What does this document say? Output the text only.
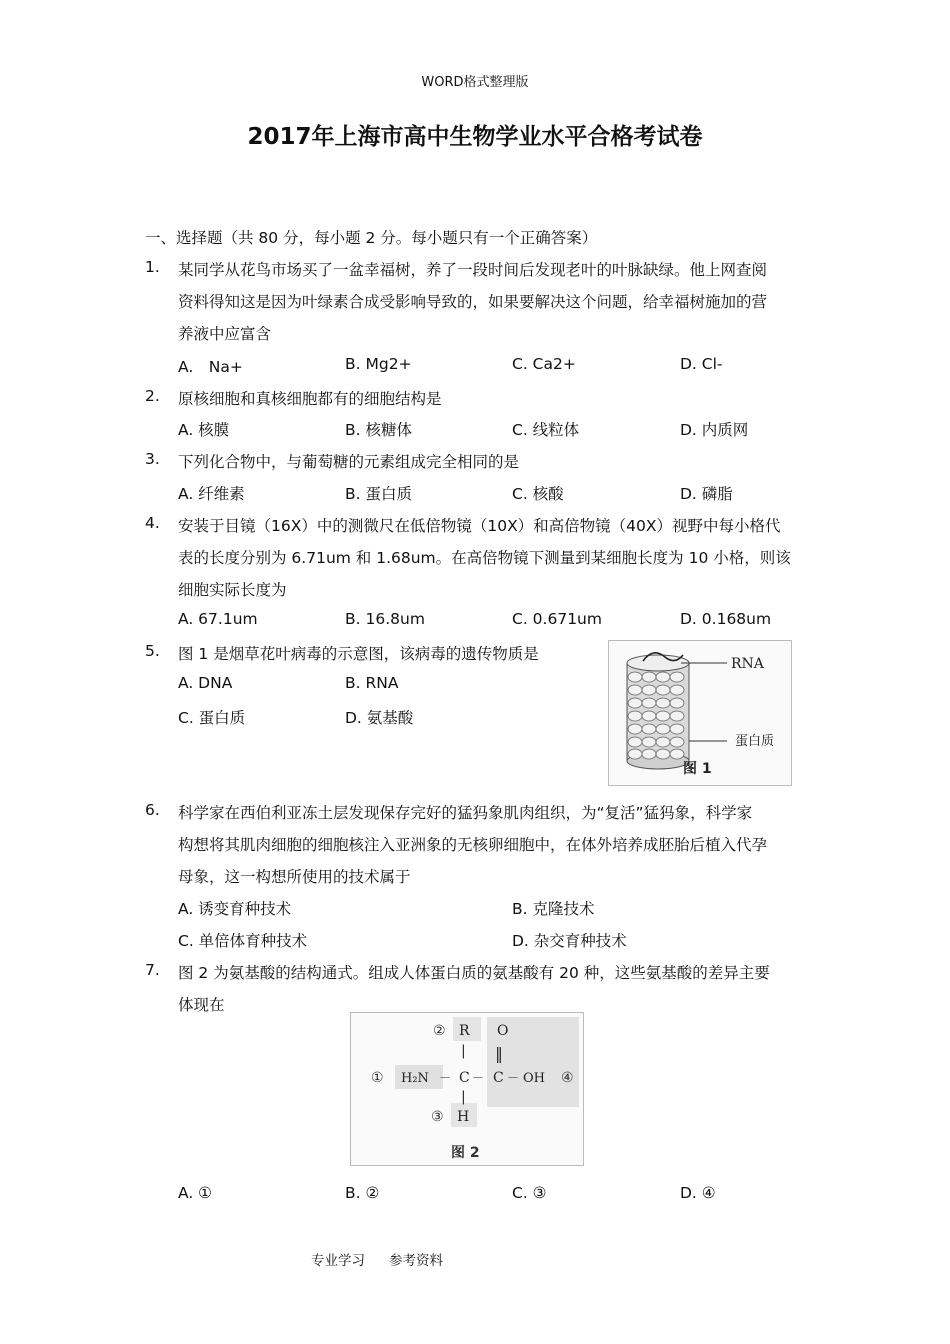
WORD格式整理版
2017年上海市高中生物学业水平合格考试卷
一、选择题（共 80 分，每小题 2 分。每小题只有一个正确答案）
1. 某同学从花鸟市场买了一盆幸福树，养了一段时间后发现老叶的叶脉缺绿。他上网查阅
资料得知这是因为叶绿素合成受影响导致的，如果要解决这个问题，给幸福树施加的营
养液中应富含
A.　Na+	B. Mg2+	C. Ca2+	D. Cl-
2. 原核细胞和真核细胞都有的细胞结构是
A. 核膜	B. 核糖体	C. 线粒体	D. 内质网
3. 下列化合物中，与葡萄糖的元素组成完全相同的是
A. 纤维素	B. 蛋白质	C. 核酸	D. 磷脂
4. 安装于目镜（16X）中的测微尺在低倍物镜（10X）和高倍物镜（40X）视野中每小格代
表的长度分别为 6.71um 和 1.68um。在高倍物镜下测量到某细胞长度为 10 小格，则该
细胞实际长度为
A. 67.1um	B. 16.8um	C. 0.671um	D. 0.168um
5. 图 1 是烟草花叶病毒的示意图，该病毒的遗传物质是
A. DNA	B. RNA
C. 蛋白质	D. 氨基酸
RNA
蛋白质
图 1
6. 科学家在西伯利亚冻土层发现保存完好的猛犸象肌肉组织，为“复活”猛犸象，科学家
构想将其肌肉细胞的细胞核注入亚洲象的无核卵细胞中，在体外培养成胚胎后植入代孕
母象，这一构想所使用的技术属于
A. 诱变育种技术	B. 克隆技术
C. 单倍体育种技术	D. 杂交育种技术
7. 图 2 为氨基酸的结构通式。组成人体蛋白质的氨基酸有 20 种，这些氨基酸的差异主要
体现在
② R O
| ‖
① H₂N － C － C － OH ④
|
③ H
图 2
A. ①	B. ②	C. ③	D. ④
专业学习 参考资料
